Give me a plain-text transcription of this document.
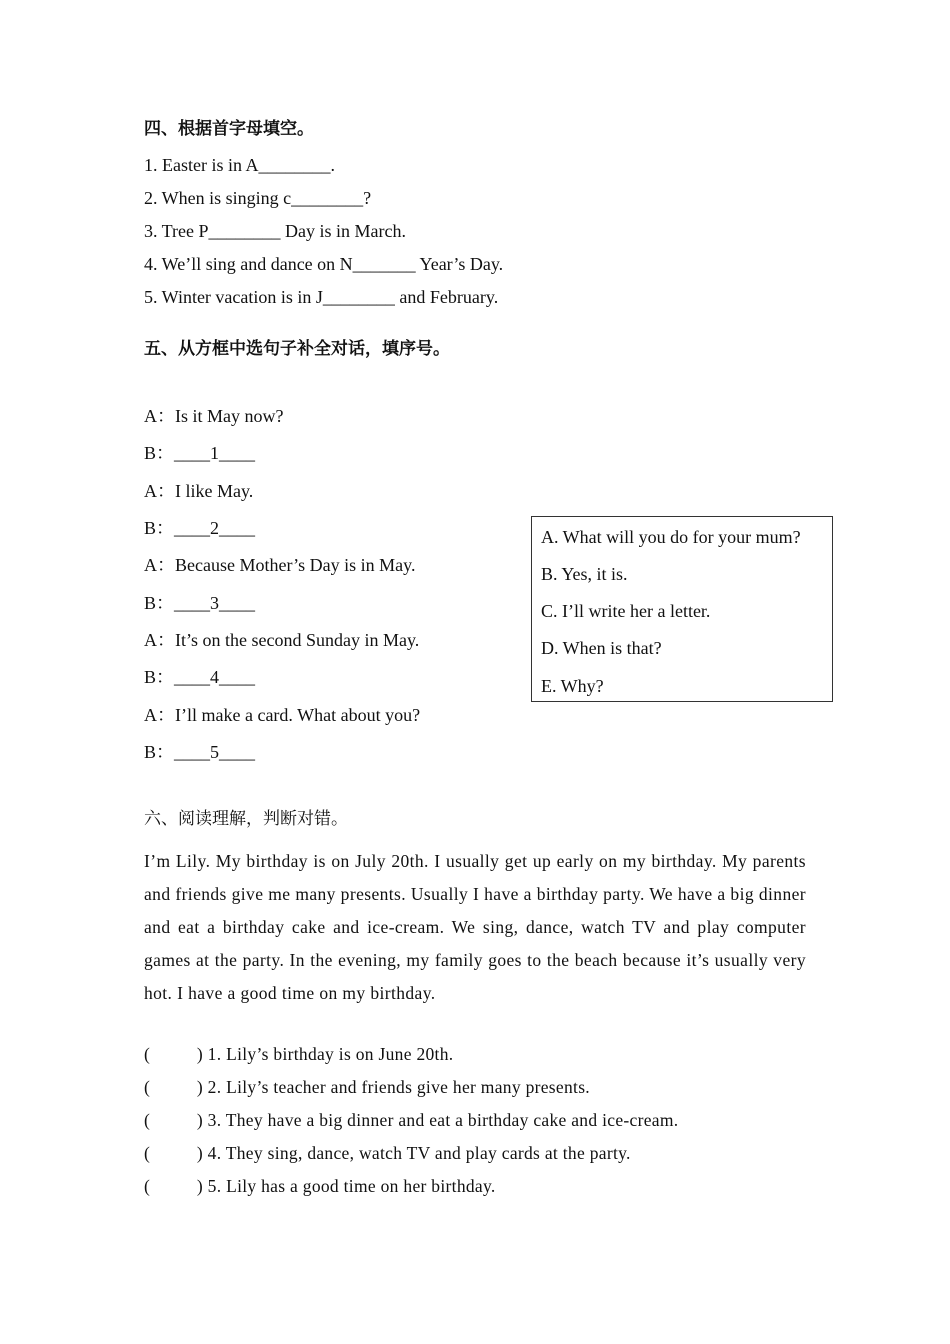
四、根据首字母填空。
1. Easter is in A________.
2. When is singing c________?
3. Tree P________ Day is in March.
4. We’ll sing and dance on N_______ Year’s Day.
5. Winter vacation is in J________ and February.
五、从方框中选句子补全对话，填序号。
A：Is it May now?
B：____1____
A：I like May.
B：____2____
A：Because Mother’s Day is in May.
B：____3____
A：It’s on the second Sunday in May.
B：____4____
A：I’ll make a card. What about you?
B：____5____
A. What will you do for your mum?
B. Yes, it is.
C. I’ll write her a letter.
D. When is that?
E. Why?
六、阅读理解，判断对错。
I’m Lily. My birthday is on July 20th. I usually get up early on my birthday. My parents and friends give me many presents. Usually I have a birthday party. We have a big dinner and eat a birthday cake and ice-cream. We sing, dance, watch TV and play computer games at the party. In the evening, my family goes to the beach because it’s usually very hot. I have a good time on my birthday.
(          ) 1. Lily’s birthday is on June 20th.
(          ) 2. Lily’s teacher and friends give her many presents.
(          ) 3. They have a big dinner and eat a birthday cake and ice-cream.
(          ) 4. They sing, dance, watch TV and play cards at the party.
(          ) 5. Lily has a good time on her birthday.
